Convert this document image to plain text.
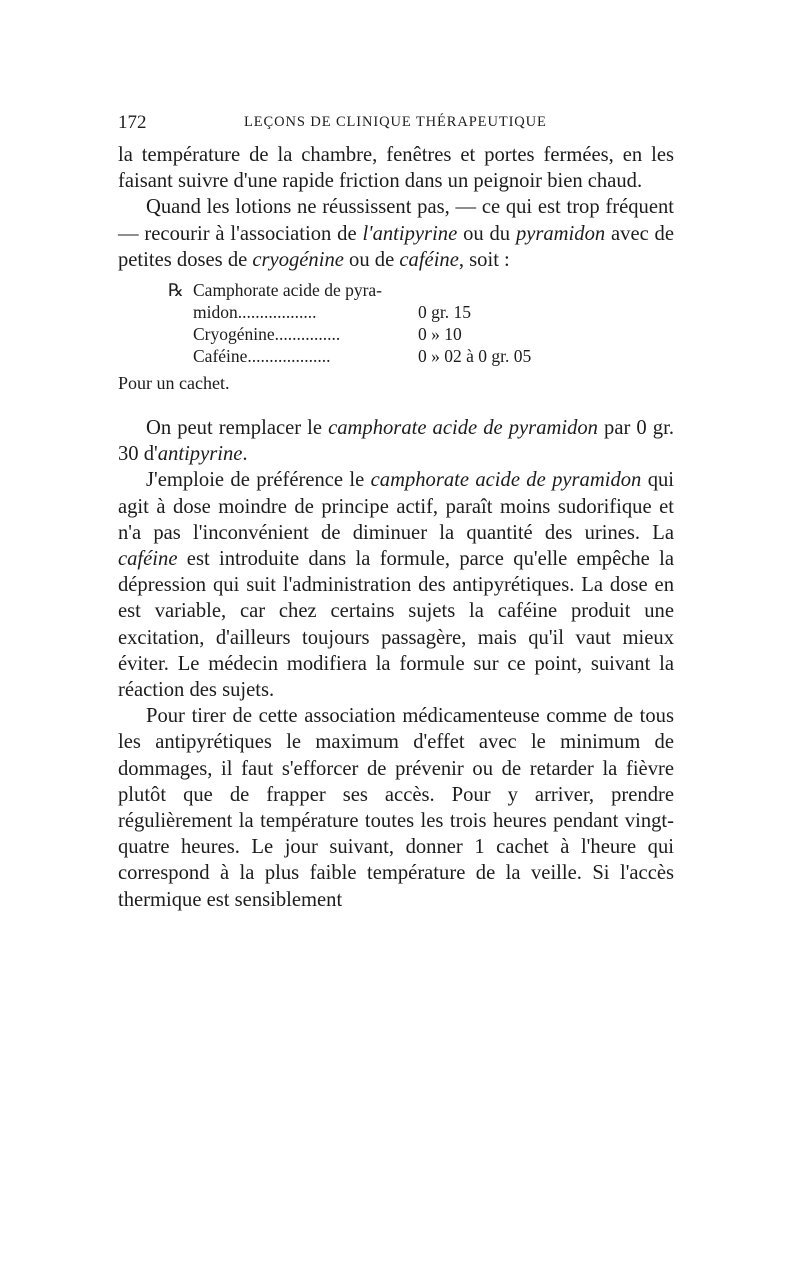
172	LEÇONS DE CLINIQUE THÉRAPEUTIQUE

la température de la chambre, fenêtres et portes fermées, en les faisant suivre d'une rapide friction dans un peignoir bien chaud.

Quand les lotions ne réussissent pas, — ce qui est trop fréquent — recourir à l'association de l'antipyrine ou du pyramidon avec de petites doses de cryogénine ou de caféine, soit :

℞ Camphorate acide de pyra-
midon..................	0 gr. 15
Cryogénine...............	0 » 10
Caféine...................	0 » 02 à 0 gr. 05
Pour un cachet.

On peut remplacer le camphorate acide de pyramidon par 0 gr. 30 d'antipyrine.

J'emploie de préférence le camphorate acide de pyramidon qui agit à dose moindre de principe actif, paraît moins sudorifique et n'a pas l'inconvénient de diminuer la quantité des urines. La caféine est introduite dans la formule, parce qu'elle empêche la dépression qui suit l'administration des antipyrétiques. La dose en est variable, car chez certains sujets la caféine produit une excitation, d'ailleurs toujours passagère, mais qu'il vaut mieux éviter. Le médecin modifiera la formule sur ce point, suivant la réaction des sujets.

Pour tirer de cette association médicamenteuse comme de tous les antipyrétiques le maximum d'effet avec le minimum de dommages, il faut s'efforcer de prévenir ou de retarder la fièvre plutôt que de frapper ses accès. Pour y arriver, prendre régulièrement la température toutes les trois heures pendant vingt-quatre heures. Le jour suivant, donner 1 cachet à l'heure qui correspond à la plus faible température de la veille. Si l'accès thermique est sensiblement
